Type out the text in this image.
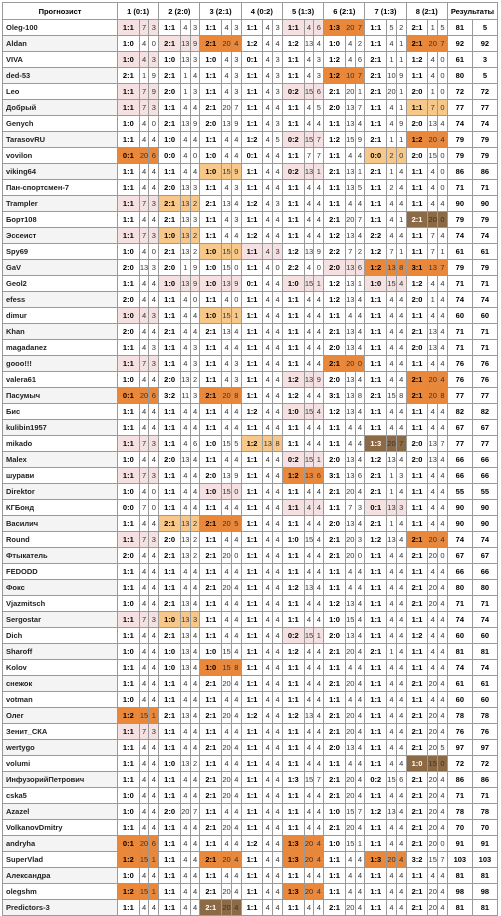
Прогнозист	1 (0:1)			2 (2:0)			3 (2:1)			4 (0:2)			5 (1:3)			6 (2:1)			7 (1:3)			8 (2:1)			Результаты	
Oleg-100	1:1	7	3	1:1	4	3	1:1	4	3	1:1	4	3	1:1	4	6	1:3	20	7	1:1	5	2	2:1	1	5	81	5
Aldan	1:0	4	0	2:1	13	9	2:1	20	4	1:2	4	4	1:2	13	4	1:0	4	2	1:1	4	1	2:1	20	7	92	92
VIVA	1:0	4	3	1:0	13	3	1:0	4	3	0:1	4	3	1:1	4	3	1:2	4	6	2:1	1	1	1:2	4	0	61	3
ded-53	2:1	1	9	2:1	1	4	1:1	4	3	1:1	4	3	1:1	4	3	1:2	10	7	2:1	10	9	1:1	4	0	80	5
Leo	1:1	7	9	2:0	1	3	1:1	4	3	1:1	4	3	0:2	15	6	2:1	20	1	2:1	20	1	2:0	1	0	72	72
Добрый	1:1	7	3	1:1	4	4	2:1	20	7	1:1	4	4	1:1	4	5	2:0	13	7	1:1	4	1	1:1	7	0	77	77
Genych	1:0	4	0	2:1	13	9	2:0	13	9	1:1	4	3	1:1	4	4	1:1	13	4	1:1	4	9	2:0	13	4	74	74
TarasovRU	1:1	4	4	1:0	4	4	1:1	4	4	1:2	4	5	0:2	15	7	1:2	15	9	2:1	1	1	1:2	20	4	79	79
vovilon	0:1	20	6	0:0	4	0	1:0	4	4	0:1	4	4	1:1	7	7	1:1	4	4	0:0	2	0	2:0	15	0	79	79
viking64	1:1	4	4	1:1	4	4	1:0	15	9	1:1	4	4	0:2	13	1	2:1	13	1	2:1	1	4	1:1	4	0	86	86
Пан-спортсмен-7	1:1	4	4	2:0	13	3	1:1	4	3	1:1	4	4	1:1	4	4	1:1	13	5	1:1	2	4	1:1	4	0	71	71
Trampler	1:1	7	3	2:1	13	2	2:1	13	4	1:2	4	3	1:1	4	4	1:1	4	4	1:1	4	4	1:1	4	4	90	90
Борт108	1:1	4	4	2:1	13	3	1:1	4	3	1:1	4	4	1:1	4	4	2:1	20	7	1:1	4	1	2:1	20	0	79	79
Эссеист	1:1	7	3	1:0	13	2	1:1	4	4	1:2	4	4	1:1	4	4	1:2	13	4	2:2	4	4	1:1	7	4	74	74
Spy69	1:0	4	0	2:1	13	2	1:0	15	0	1:1	4	3	1:2	13	9	2:2	7	2	1:2	7	1	1:1	7	1	61	61
GaV	2:0	13	3	2:0	1	9	1:0	15	0	1:1	4	0	2:2	4	0	2:0	13	6	1:2	13	8	3:1	13	7	79	79
Geol2	1:1	4	4	1:0	13	9	1:0	13	9	0:1	4	4	1:0	15	1	1:2	13	1	1:0	15	4	1:2	4	4	71	71
efess	2:0	4	4	1:1	4	0	1:1	4	0	1:1	4	4	1:1	4	4	1:2	13	4	1:1	4	4	2:0	1	4	74	74
dimur	1:0	4	3	1:1	4	4	1:0	15	1	1:1	4	4	1:1	4	4	1:1	4	4	1:1	4	4	1:1	4	4	60	60
Khan	2:0	4	4	2:1	4	4	2:1	13	4	1:1	4	4	1:1	4	4	2:1	13	4	1:1	4	4	2:1	13	4	71	71
magadanez	1:1	4	3	1:1	4	3	1:1	4	4	1:1	4	4	1:1	4	4	2:0	13	4	1:1	4	4	2:0	13	4	71	71
gooo!!!	1:1	7	3	1:1	4	3	1:1	4	3	1:1	4	4	1:1	4	4	2:1	20	0	1:1	4	4	1:1	4	4	76	76
valera61	1:0	4	4	2:0	13	2	1:1	4	3	1:1	4	4	1:2	13	9	2:0	13	4	1:1	4	4	2:1	20	4	76	76
Пасумыч	0:1	20	6	3:2	11	3	2:1	20	8	1:1	4	4	1:2	4	4	3:1	13	8	2:1	15	8	2:1	20	8	77	77
Бис	1:1	4	4	1:1	4	4	1:1	4	4	1:2	4	4	1:0	15	4	1:2	13	4	1:1	4	4	1:1	4	4	82	82
kulibin1957	1:1	4	4	1:1	4	4	1:1	4	4	1:1	4	4	1:1	4	4	1:1	4	4	1:1	4	4	1:1	4	4	67	67
mikado	1:1	7	3	1:1	4	6	1:0	15	5	1:2	13	8	1:1	4	4	1:1	4	4	1:3	20	7	2:0	13	7	77	77
Malex	1:0	4	4	2:0	13	4	1:1	4	4	1:1	4	4	0:2	15	1	2:0	13	4	1:2	13	4	2:0	13	4	66	66
шурави	1:1	7	3	1:1	4	4	2:0	13	9	1:1	4	4	1:2	13	6	3:1	13	6	2:1	1	3	1:1	4	4	66	66
Direktor	1:0	4	0	1:1	4	4	1:0	15	0	1:1	4	4	1:1	4	4	2:1	20	4	2:1	1	4	1:1	4	4	55	55
КГБонд	0:0	7	0	1:1	4	4	1:1	4	4	1:1	4	4	1:1	4	4	1:1	7	3	0:1	13	3	1:1	4	4	90	90
Василич	1:1	4	4	2:1	13	2	2:1	20	5	1:1	4	4	1:1	4	4	2:0	13	4	2:1	1	4	1:1	4	4	90	90
Round	1:1	7	3	2:0	13	2	1:1	4	4	1:1	4	4	1:0	15	4	2:1	20	3	1:2	13	4	2:1	20	4	74	74
Фтыкатель	2:0	4	4	2:1	13	2	2:1	20	0	1:1	4	4	1:1	4	4	2:1	20	0	1:1	4	4	2:1	20	0	67	67
FEDODD	1:1	4	4	1:1	4	4	1:1	4	4	1:1	4	4	1:1	4	4	1:1	4	4	1:1	4	4	1:1	4	4	66	66
Фокс	1:1	4	4	1:1	4	4	2:1	20	4	1:1	4	4	1:2	13	4	1:1	4	4	1:1	4	4	2:1	20	4	80	80
Vjazmitsch	1:0	4	4	2:1	13	4	1:1	4	4	1:1	4	4	1:1	4	4	1:2	13	4	1:1	4	4	2:1	20	4	71	71
Sergostar	1:1	7	3	1:0	13	3	1:1	4	4	1:1	4	4	1:1	4	4	1:0	15	4	1:1	4	4	1:1	4	4	74	74
Dich	1:1	4	4	2:1	13	4	1:1	4	4	1:1	4	4	0:2	15	1	2:0	13	4	1:1	4	4	1:2	4	4	60	60
Sharoff	1:0	4	4	1:0	13	4	1:0	15	4	1:1	4	4	1:2	4	4	2:1	20	4	2:1	1	4	1:1	4	4	81	81
Kolov	1:1	4	4	1:0	13	4	1:0	15	8	1:1	4	4	1:1	4	4	1:1	4	4	1:1	4	4	1:1	4	4	74	74
снежок	1:1	4	4	1:1	4	4	2:1	20	4	1:1	4	4	1:1	4	4	2:1	20	4	1:1	4	4	2:1	20	4	61	61
votman	1:0	4	4	1:1	4	4	1:1	4	4	1:1	4	4	1:1	4	4	1:1	4	4	1:1	4	4	1:1	4	4	60	60
Олег	1:2	15	1	2:1	13	4	2:1	20	4	1:2	4	4	1:2	13	4	2:1	20	4	1:1	4	4	2:1	20	4	78	78
Зенит_СКА	1:1	7	3	1:1	4	4	1:1	4	4	1:1	4	4	1:1	4	4	2:1	20	4	1:1	4	4	2:1	20	4	76	76
wertygo	1:1	4	4	1:1	4	4	2:1	20	4	1:1	4	4	1:1	4	4	2:0	13	4	1:1	4	4	2:1	20	5	97	97
volumi	1:1	4	4	1:0	13	2	1:1	4	4	1:1	4	4	1:1	4	4	1:1	4	4	1:1	4	4	1:0	15	0	72	72
ИнфузорийПетрович	1:1	4	4	1:1	4	4	2:1	20	4	1:1	4	4	1:3	15	7	2:1	20	4	0:2	15	6	2:1	20	4	86	86
cska5	1:0	4	4	1:1	4	4	2:1	20	4	1:1	4	4	1:1	4	4	2:1	20	4	1:1	4	4	2:1	20	4	71	71
Azazel	1:0	4	4	2:0	20	7	1:1	4	4	1:1	4	4	1:1	4	4	1:0	15	7	1:2	13	4	2:1	20	4	78	78
VolkanovDmitry	1:1	4	4	1:1	4	4	2:1	20	4	1:1	4	4	1:1	4	4	2:1	20	4	1:1	4	4	2:1	20	4	70	70
andryha	0:1	20	6	1:1	4	4	1:1	4	4	1:2	4	4	1:3	20	4	1:0	15	1	1:1	4	4	2:1	20	0	91	91
SuperVlad	1:2	15	1	1:1	4	4	2:1	20	4	1:1	4	4	1:3	20	4	1:1	4	4	1:3	20	4	3:2	15	7	103	103
Александра	1:0	4	4	1:1	4	4	1:1	4	4	1:1	4	4	1:1	4	4	1:1	4	4	1:1	4	4	1:1	4	4	81	81
olegshm	1:2	15	1	1:1	4	4	2:1	20	4	1:1	4	4	1:3	20	4	1:1	4	4	1:1	4	4	2:1	20	4	98	98
Predictors-3	1:1	4	4	1:1	4	4	2:1	20	4	1:1	4	4	1:1	4	4	2:1	20	4	1:1	4	4	2:1	20	4	81	81
